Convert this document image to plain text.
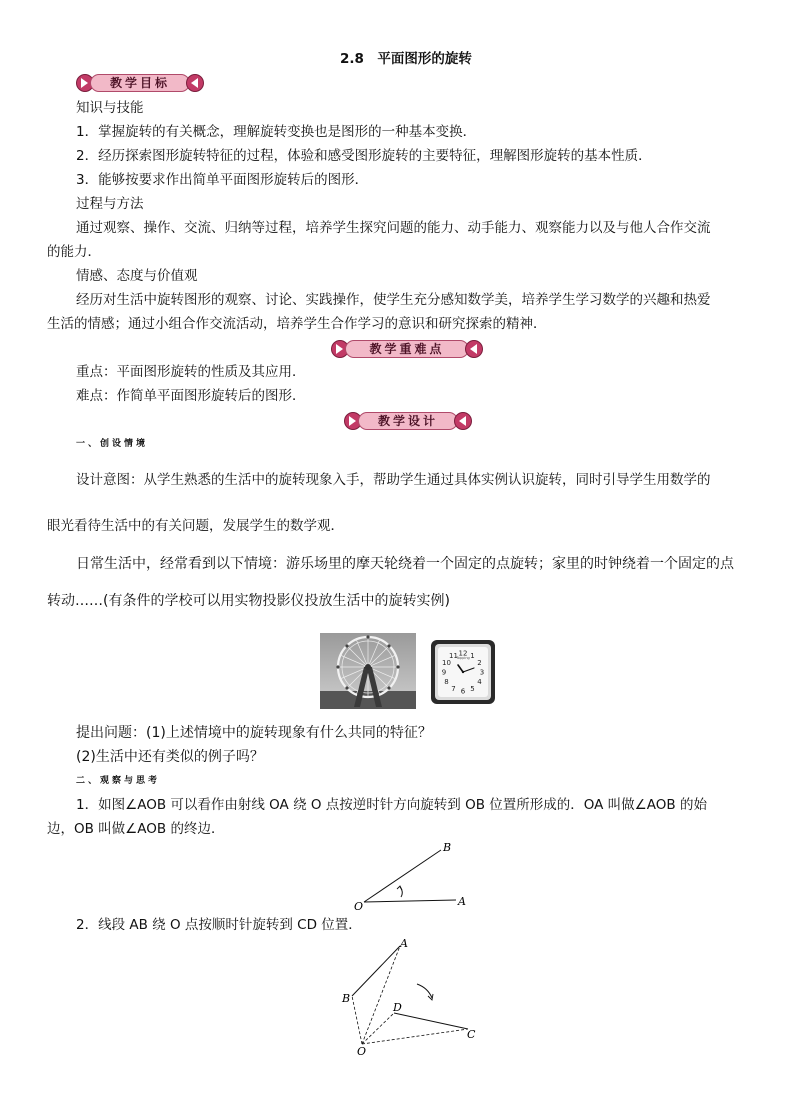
2.8　平面图形的旋转
教学目标
知识与技能
1．掌握旋转的有关概念，理解旋转变换也是图形的一种基本变换．
2．经历探索图形旋转特征的过程，体验和感受图形旋转的主要特征，理解图形旋转的基本性质．
3．能够按要求作出简单平面图形旋转后的图形．
过程与方法
通过观察、操作、交流、归纳等过程，培养学生探究问题的能力、动手能力、观察能力以及与他人合作交流
的能力．
情感、态度与价值观
经历对生活中旋转图形的观察、讨论、实践操作，使学生充分感知数学美，培养学生学习数学的兴趣和热爱
生活的情感；通过小组合作交流活动，培养学生合作学习的意识和研究探索的精神．
教学重难点
重点：平面图形旋转的性质及其应用．
难点：作简单平面图形旋转后的图形．
教学设计
一、创设情境
设计意图：从学生熟悉的生活中的旋转现象入手，帮助学生通过具体实例认识旋转，同时引导学生用数学的
眼光看待生活中的有关问题，发展学生的数学观．
日常生活中，经常看到以下情境：游乐场里的摩天轮绕着一个固定的点旋转；家里的时钟绕着一个固定的点
转动……(有条件的学校可以用实物投影仪投放生活中的旋转实例)
Topping
12 1
2
3
4
5
6
7
8
9
10
11
提出问题：(1)上述情境中的旋转现象有什么共同的特征？
(2)生活中还有类似的例子吗？
二、观察与思考
1．如图∠AOB 可以看作由射线 OA 绕 O 点按逆时针方向旋转到 OB 位置所形成的．OA 叫做∠AOB 的始
边，OB 叫做∠AOB 的终边．
B
O	A
2．线段 AB 绕 O 点按顺时针旋转到 CD 位置．
A
B
D
C
O
